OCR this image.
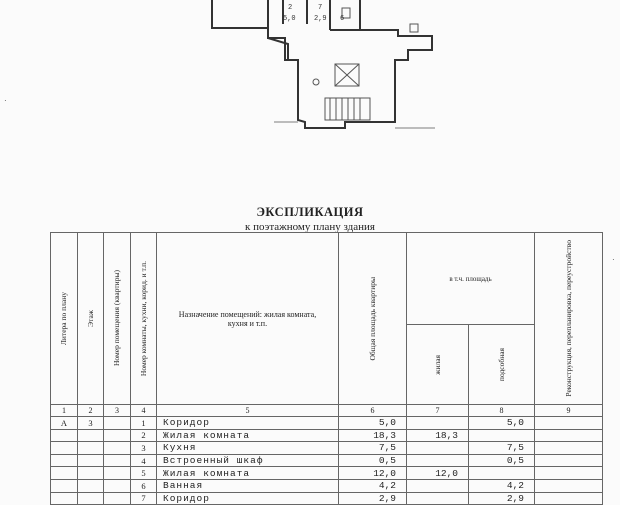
2
5,0
7
2,9 6
·
·
ЭКСПЛИКАЦИЯ
к поэтажному плану здания
Литера по плану	Этаж	Номер помещения (квартиры)	Номер комнаты, кухни, корид. и т.п.	Назначение помещений: жилая комната, кухня и т.п.	Общая площадь квартиры	в т.ч. площадь		Реконструкция, перепланировка, переустройство

						жилая	подсобная	

1	2	3	4	5	6	7	8	9
А	3		1	Коридор	5,0		5,0	
			2	Жилая комната	18,3	18,3		
			3	Кухня	7,5		7,5	
			4	Встроенный шкаф	0,5		0,5	
			5	Жилая комната	12,0	12,0		
			6	Ванная	4,2		4,2	
			7	Коридор	2,9		2,9	
